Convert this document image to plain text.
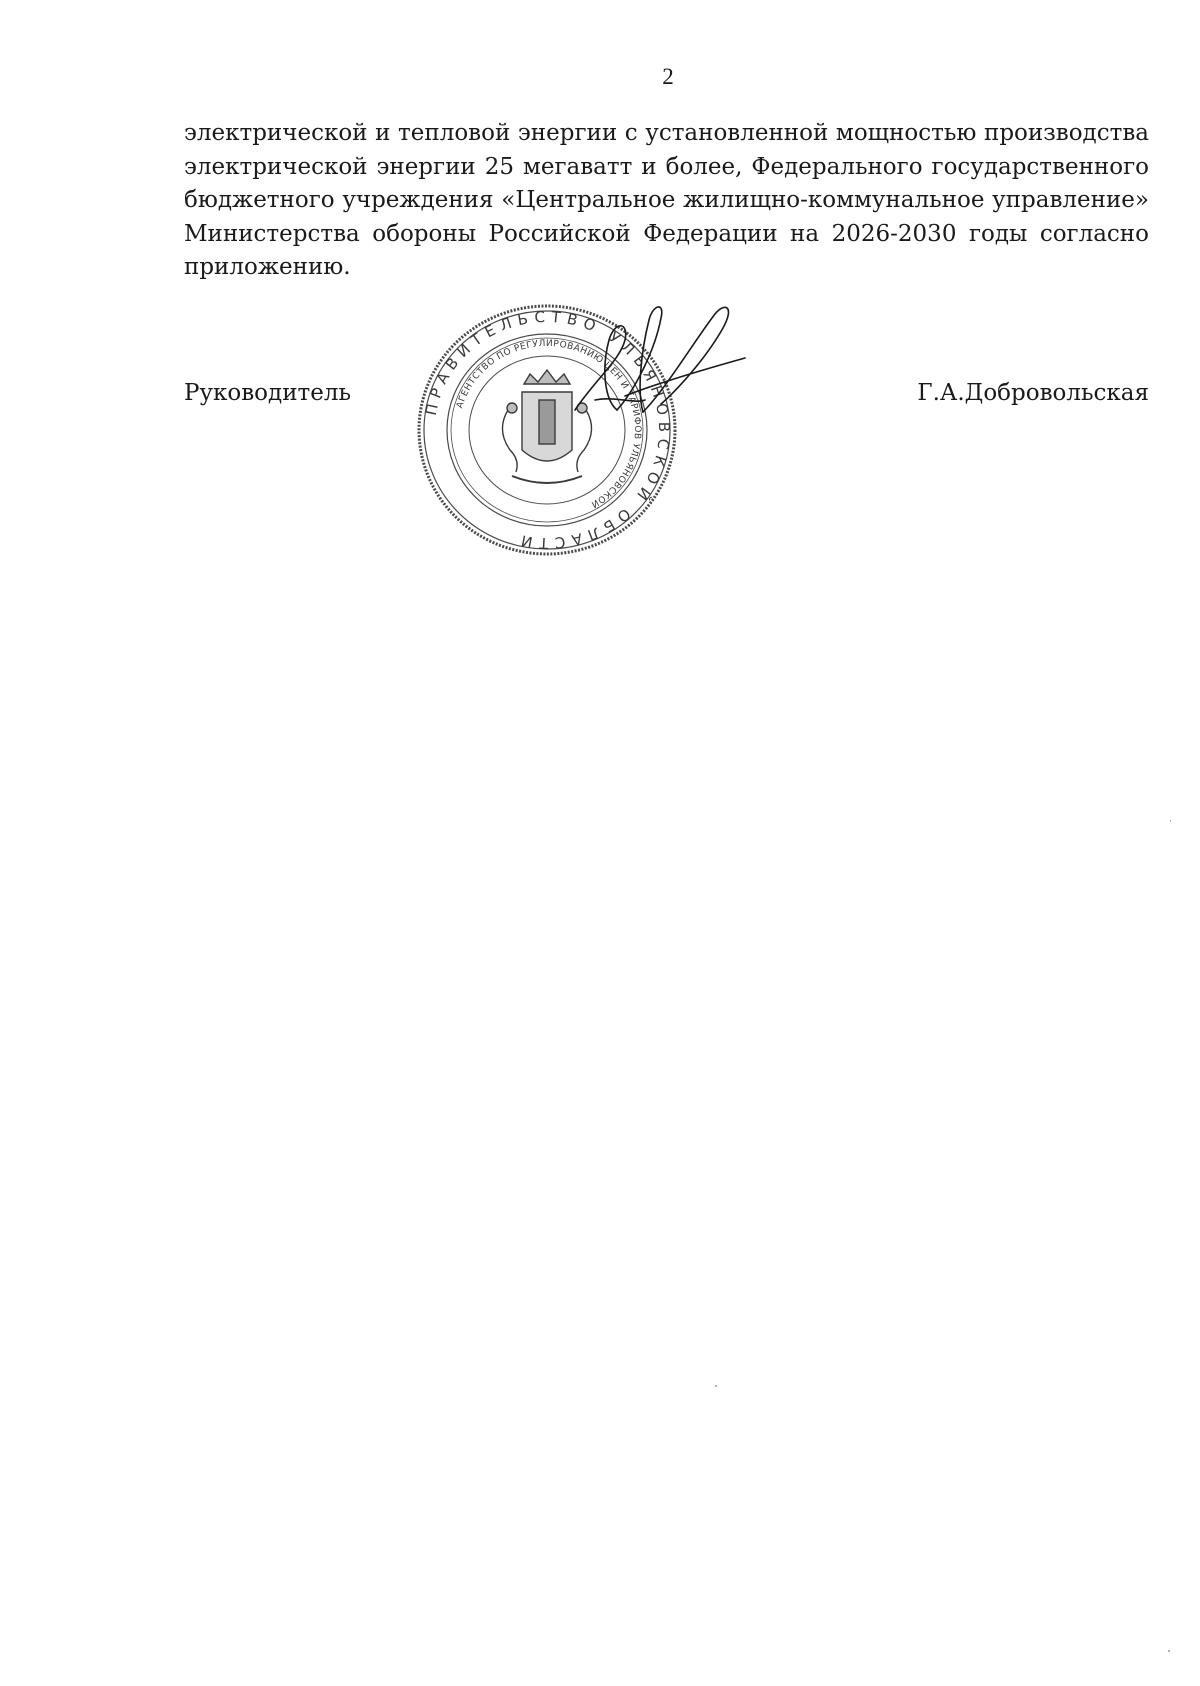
2
электрической и тепловой энергии с установленной мощностью производства
электрической энергии 25 мегаватт и более, Федерального государственного
бюджетного учреждения «Центральное жилищно-коммунальное управление»
Министерства обороны Российской Федерации на 2026-2030 годы согласно
приложению.
ПРАВИТЕЛЬСТВО УЛЬЯНОВСКОЙ ОБЛАСТИ
АГЕНТСТВО ПО РЕГУЛИРОВАНИЮ ЦЕН И ТАРИФОВ УЛЬЯНОВСКОЙ
Руководитель	Г.А.Добровольская
